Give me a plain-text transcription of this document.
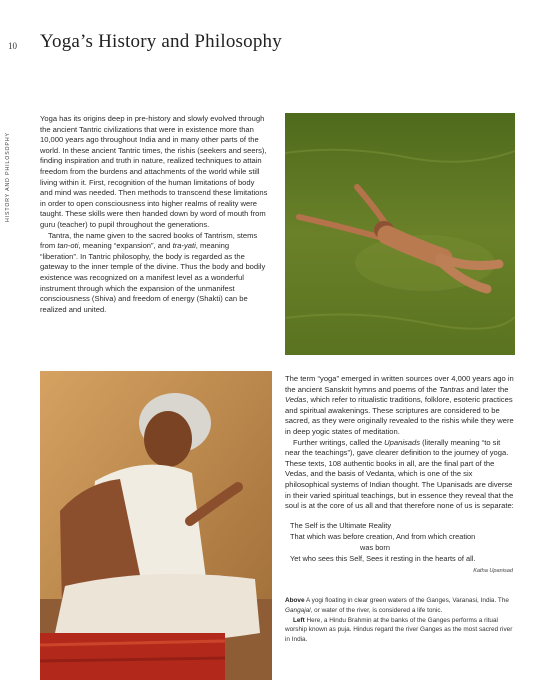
10 Yoga’s History and Philosophy
HISTORY AND PHILOSOPHY

Yoga has its origins deep in pre-history and slowly evolved through the ancient Tantric civilizations that were in existence more than 10,000 years ago throughout India and in many other parts of the world. In these ancient Tantric times, the rishis (seekers and seers), finding inspiration and truth in nature, realized techniques to attain freedom from the burdens and attachments of the world while still living within it. First, recognition of the human limitations of body and mind was needed. Then methods to transcend these limitations in order to open consciousness into higher realms of reality were taught. These skills were then handed down by word of mouth from guru (teacher) to pupil throughout the generations.

Tantra, the name given to the sacred books of Tantrism, stems from tan-oti, meaning “expansion”, and tra-yati, meaning “liberation”. In Tantric philosophy, the body is regarded as the gateway to the inner temple of the divine. Thus the body and bodily existence was recognized on a manifest level as a wonderful instrument through which the expansion of the unmanifest consciousness (Shiva) and freedom of energy (Shakti) can be realized and united.

The term “yoga” emerged in written sources over 4,000 years ago in the ancient Sanskrit hymns and poems of the Tantras and later the Vedas, which refer to ritualistic traditions, folklore, esoteric practices and spiritual awakenings. These scriptures are considered to be sacred, as they were originally revealed to the rishis while they were in deep yogic states of meditation.

Further writings, called the Upanisads (literally meaning “to sit near the teachings”), gave clearer definition to the journey of yoga. These texts, 108 authentic books in all, are the final part of the Vedas, and the basis of Vedanta, which is one of the six philosophical systems of Indian thought. The Upanisads are diverse in their varied spiritual teachings, but in essence they reveal that the soul is at the core of us all and that therefore none of us is separate:

The Self is the Ultimate Reality
That which was before creation, And from which creation
was born
Yet who sees this Self, Sees it resting in the hearts of all.
Katha Upanisad

Above A yogi floating in clear green waters of the Ganges, Varanasi, India. The Gangajal, or water of the river, is considered a life tonic.

Left Here, a Hindu Brahmin at the banks of the Ganges performs a ritual worship known as puja. Hindus regard the river Ganges as the most sacred river in India.
